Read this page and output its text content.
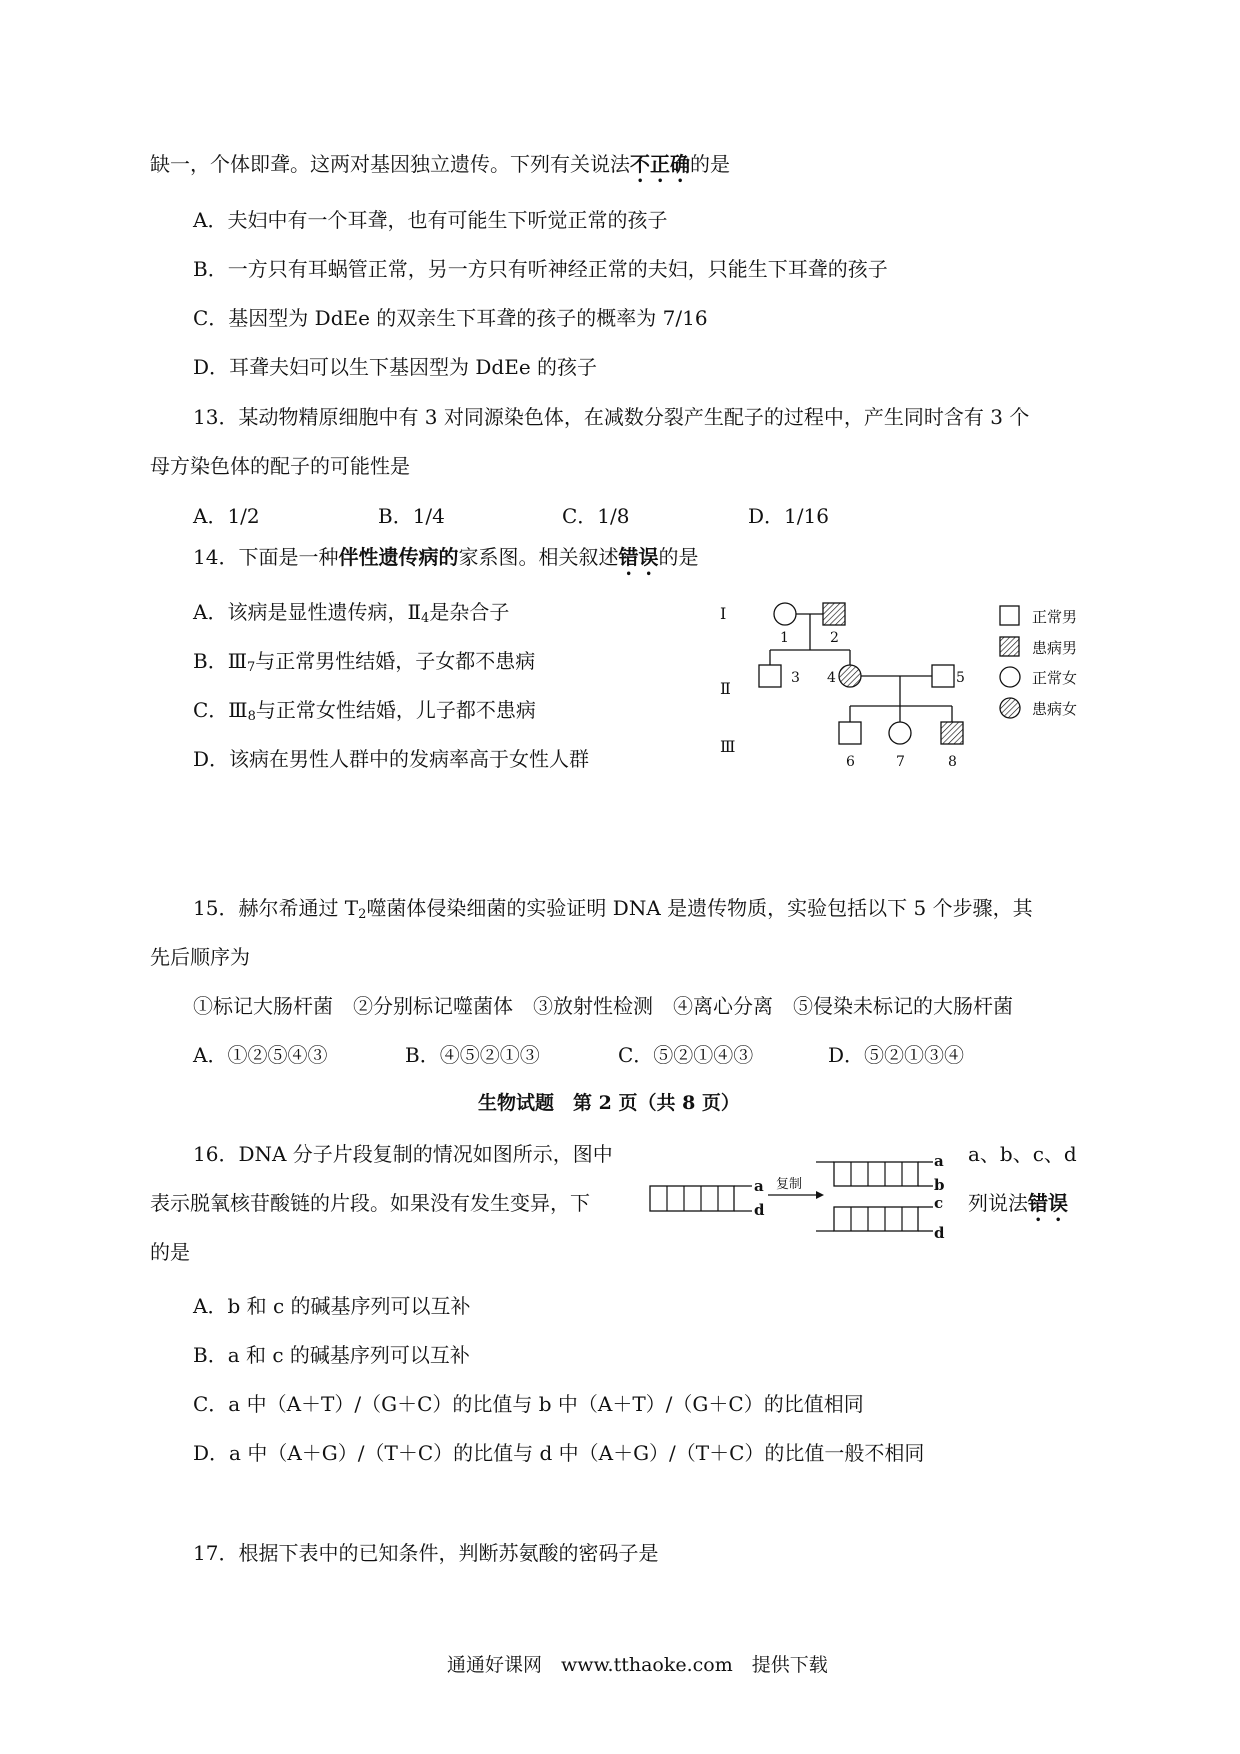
缺一，个体即聋。这两对基因独立遗传。下列有关说法不正确的是
A．夫妇中有一个耳聋，也有可能生下听觉正常的孩子
B．一方只有耳蜗管正常，另一方只有听神经正常的夫妇，只能生下耳聋的孩子
C．基因型为 DdEe 的双亲生下耳聋的孩子的概率为 7/16
D．耳聋夫妇可以生下基因型为 DdEe 的孩子
13．某动物精原细胞中有 3 对同源染色体，在减数分裂产生配子的过程中，产生同时含有 3 个
母方染色体的配子的可能性是
A．1/2	B．1/4	C．1/8	D．1/16
14．下面是一种伴性遗传病的家系图。相关叙述错误的是
A．该病是显性遗传病，$Ⅱ_4$是杂合子
B．$Ⅲ_7$与正常男性结婚，子女都不患病
C．$Ⅲ_8$与正常女性结婚，儿子都不患病
D．该病在男性人群中的发病率高于女性人群
Ⅰ
Ⅱ
Ⅲ
1	2
3 4	5
6	7	8
正常男
患病男
正常女
患病女
15．赫尔希通过 $T_2$噬菌体侵染细菌的实验证明 DNA 是遗传物质，实验包括以下 5 个步骤，其
先后顺序为
①标记大肠杆菌　②分别标记噬菌体　③放射性检测　④离心分离　⑤侵染未标记的大肠杆菌
A．①②⑤④③	B．④⑤②①③	C．⑤②①④③	D．⑤②①③④
生物试题　第 2 页（共 8 页）
16．DNA 分子片段复制的情况如图所示，图中	a、b、c、d
表示脱氧核苷酸链的片段。如果没有发生变异，下	列说法错误
的是
a
d
复制
a
b
c
d
A．b 和 c 的碱基序列可以互补
B．a 和 c 的碱基序列可以互补
C．a 中（A＋T）/（G＋C）的比值与 b 中（A＋T）/（G＋C）的比值相同
D．a 中（A＋G）/（T＋C）的比值与 d 中（A＋G）/（T＋C）的比值一般不相同
17．根据下表中的已知条件，判断苏氨酸的密码子是
通通好课网　www.tthaoke.com　提供下载
